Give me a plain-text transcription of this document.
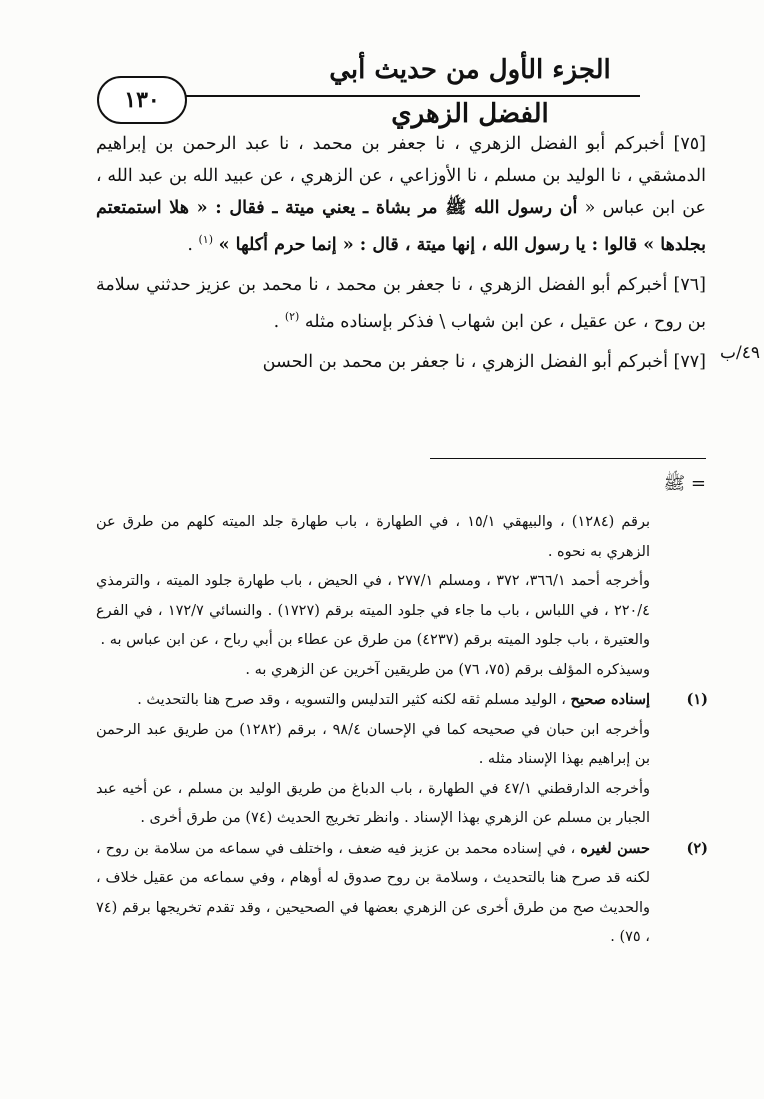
الجزء الأول من حديث أبي الفضل الزهري
١٣٠
٤٩/ب

[٧٥] أخبركم أبو الفضل الزهري ، نا جعفر بن محمد ، نا عبد الرحمن بن إبراهيم الدمشقي ، نا الوليد بن مسلم ، نا الأوزاعي ، عن الزهري ، عن عبيد الله بن عبد الله ، عن ابن عباس « أن رسول الله ﷺ مر بشاة ـ يعني ميتة ـ فقال : « هلا استمتعتم بجلدها » قالوا : يا رسول الله ، إنها ميتة ، قال : « إنما حرم أكلها » $^{(١)}$ .

[٧٦] أخبركم أبو الفضل الزهري ، نا جعفر بن محمد ، نا محمد بن عزيز حدثني سلامة بن روح ، عن عقيل ، عن ابن شهاب \ فذكر بإسناده مثله $^{(٢)}$ .

[٧٧] أخبركم أبو الفضل الزهري ، نا جعفر بن محمد بن الحسن

= ﷺ

برقم (١٢٨٤) ، والبيهقي ١٥/١ ، في الطهارة ، باب طهارة جلد الميته كلهم من طرق عن الزهري به نحوه .

وأخرجه أحمد ٣٦٦/١، ٣٧٢ ، ومسلم ٢٧٧/١ ، في الحيض ، باب طهارة جلود الميته ، والترمذي ٢٢٠/٤ ، في اللباس ، باب ما جاء في جلود الميته برقم (١٧٢٧) . والنسائي ١٧٢/٧ ، في الفرع والعتيرة ، باب جلود الميته برقم (٤٢٣٧) من طرق عن عطاء بن أبي رباح ، عن ابن عباس به .

وسيذكره المؤلف برقم (٧٥، ٧٦) من طريقين آخرين عن الزهري به .

(١)
إسناده صحيح ، الوليد مسلم ثقه لكنه كثير التدليس والتسويه ، وقد صرح هنا بالتحديث .

وأخرجه ابن حبان في صحيحه كما في الإحسان ٩٨/٤ ، برقم (١٢٨٢) من طريق عبد الرحمن بن إبراهيم بهذا الإسناد مثله .

وأخرجه الدارقطني ٤٧/١ في الطهارة ، باب الدباغ من طريق الوليد بن مسلم ، عن أخيه عبد الجبار بن مسلم عن الزهري بهذا الإسناد . وانظر تخريج الحديث (٧٤) من طرق أخرى .

(٢)
حسن لغيره ، في إسناده محمد بن عزيز فيه ضعف ، واختلف في سماعه من سلامة بن روح ، لكنه قد صرح هنا بالتحديث ، وسلامة بن روح صدوق له أوهام ، وفي سماعه من عقيل خلاف ، والحديث صح من طرق أخرى عن الزهري بعضها في الصحيحين ، وقد تقدم تخريجها برقم (٧٤ ، ٧٥) .
